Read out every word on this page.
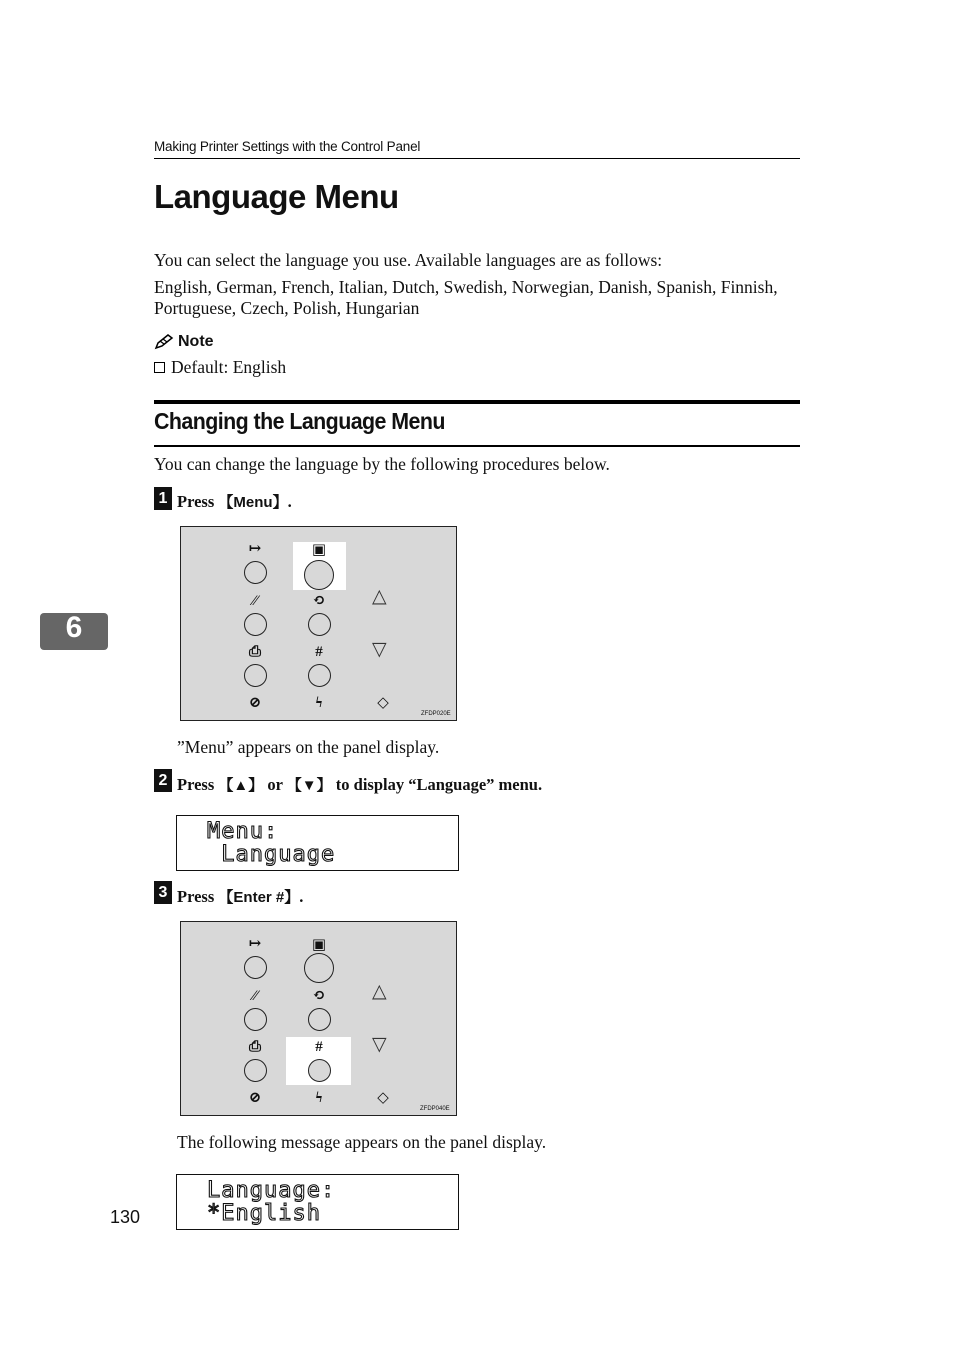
Making Printer Settings with the Control Panel
Language Menu
You can select the language you use. Available languages are as follows:
English, German, French, Italian, Dutch, Swedish, Norwegian, Danish, Spanish, Finnish, Portuguese, Czech, Polish, Hungarian
Note
Default: English
Changing the Language Menu
You can change the language by the following procedures below.
1 Press 【Menu】.
↦	▣
⁄⁄	⟲	△
⎙	#	▽
⊘	ϟ	◇
ZFDP020E
”Menu” appears on the panel display.
2 Press 【▲】 or 【▼】 to display “Language” menu.
Menu:
Language
3 Press 【Enter #】.
↦	▣
⁄⁄	⟲	△
⎙	#	▽
⊘	ϟ	◇
ZFDP040E
The following message appears on the panel display.
Language:
*English
6
130
